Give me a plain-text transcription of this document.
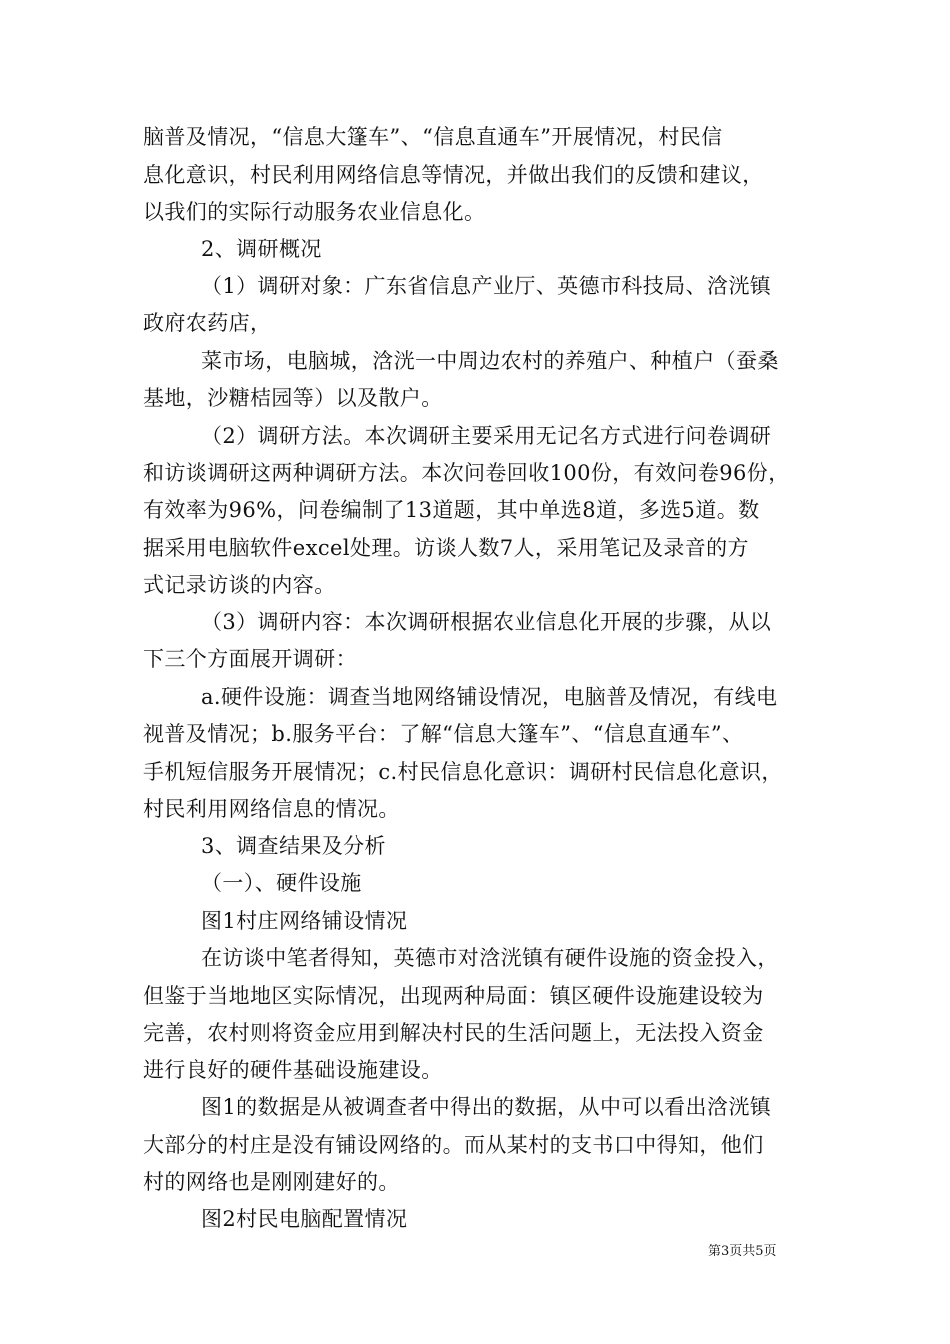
脑普及情况，“信息大篷车”、“信息直通车”开展情况，村民信
息化意识，村民利用网络信息等情况，并做出我们的反馈和建议，
以我们的实际行动服务农业信息化。
2、调研概况
（1）调研对象：广东省信息产业厅、英德市科技局、浛洸镇
政府农药店，
菜市场，电脑城，浛洸一中周边农村的养殖户、种植户（蚕桑
基地，沙糖桔园等）以及散户。
（2）调研方法。本次调研主要采用无记名方式进行问卷调研
和访谈调研这两种调研方法。本次问卷回收100份，有效问卷96份，
有效率为96%，问卷编制了13道题，其中单选8道，多选5道。数
据采用电脑软件excel处理。访谈人数7人，采用笔记及录音的方
式记录访谈的内容。
（3）调研内容：本次调研根据农业信息化开展的步骤，从以
下三个方面展开调研：
a.硬件设施：调查当地网络铺设情况，电脑普及情况，有线电
视普及情况；b.服务平台：了解“信息大篷车”、“信息直通车”、
手机短信服务开展情况；c.村民信息化意识：调研村民信息化意识，
村民利用网络信息的情况。
3、调查结果及分析
（一）、硬件设施
图1村庄网络铺设情况
在访谈中笔者得知，英德市对浛洸镇有硬件设施的资金投入，
但鉴于当地地区实际情况，出现两种局面：镇区硬件设施建设较为
完善，农村则将资金应用到解决村民的生活问题上，无法投入资金
进行良好的硬件基础设施建设。
图1的数据是从被调查者中得出的数据，从中可以看出浛洸镇
大部分的村庄是没有铺设网络的。而从某村的支书口中得知，他们
村的网络也是刚刚建好的。
图2村民电脑配置情况
第3页共5页
